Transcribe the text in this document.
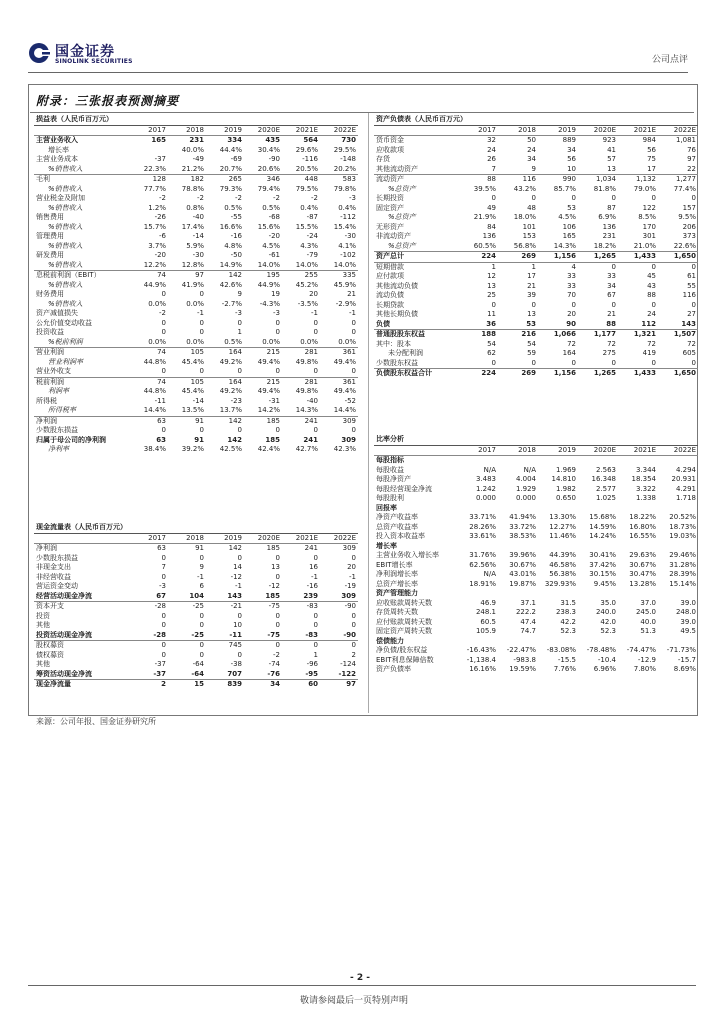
国金证券
SINOLINK SECURITIES	公司点评
附录：三张报表预测摘要
损益表（人民币百万元）						
	2017	2018	2019	2020E	2021E	2022E
主营业务收入	165	231	334	435	564	730
增长率		40.0%	44.4%	30.4%	29.6%	29.5%
主营业务成本	-37	-49	-69	-90	-116	-148
%销售收入	22.3%	21.2%	20.7%	20.6%	20.5%	20.2%
毛利	128	182	265	346	448	583
%销售收入	77.7%	78.8%	79.3%	79.4%	79.5%	79.8%
营业税金及附加	-2	-2	-2	-2	-2	-3
%销售收入	1.2%	0.8%	0.5%	0.5%	0.4%	0.4%
销售费用	-26	-40	-55	-68	-87	-112
%销售收入	15.7%	17.4%	16.6%	15.6%	15.5%	15.4%
管理费用	-6	-14	-16	-20	-24	-30
%销售收入	3.7%	5.9%	4.8%	4.5%	4.3%	4.1%
研发费用	-20	-30	-50	-61	-79	-102
%销售收入	12.2%	12.8%	14.9%	14.0%	14.0%	14.0%
息税前利润（EBIT）	74	97	142	195	255	335
%销售收入	44.9%	41.9%	42.6%	44.9%	45.2%	45.9%
财务费用	0	0	9	19	20	21
%销售收入	0.0%	0.0%	-2.7%	-4.3%	-3.5%	-2.9%
资产减值损失	-2	-1	-3	-3	-1	-1
公允价值变动收益	0	0	0	0	0	0
投资收益	0	0	1	0	0	0
%税前利润	0.0%	0.0%	0.5%	0.0%	0.0%	0.0%
营业利润	74	105	164	215	281	361
营业利润率	44.8%	45.4%	49.2%	49.4%	49.8%	49.4%
营业外收支	0	0	0	0	0	0
税前利润	74	105	164	215	281	361
利润率	44.8%	45.4%	49.2%	49.4%	49.8%	49.4%
所得税	-11	-14	-23	-31	-40	-52
所得税率	14.4%	13.5%	13.7%	14.2%	14.3%	14.4%
净利润	63	91	142	185	241	309
少数股东损益	0	0	0	0	0	0
归属于母公司的净利润	63	91	142	185	241	309
净利率	38.4%	39.2%	42.5%	42.4%	42.7%	42.3%
现金流量表（人民币百万元）						
	2017	2018	2019	2020E	2021E	2022E
净利润	63	91	142	185	241	309
少数股东损益	0	0	0	0	0	0
非现金支出	7	9	14	13	16	20
非经营收益	0	-1	-12	0	-1	-1
营运资金变动	-3	6	-1	-12	-16	-19
经营活动现金净流	67	104	143	185	239	309
资本开支	-28	-25	-21	-75	-83	-90
投资	0	0	0	0	0	0
其他	0	0	10	0	0	0
投资活动现金净流	-28	-25	-11	-75	-83	-90
股权募资	0	0	745	0	0	0
债权募资	0	0	0	-2	1	2
其他	-37	-64	-38	-74	-96	-124
筹资活动现金净流	-37	-64	707	-76	-95	-122
现金净流量	2	15	839	34	60	97
资产负债表（人民币百万元）						
	2017	2018	2019	2020E	2021E	2022E
货币资金	32	50	889	923	984	1,081
应收款项	24	24	34	41	56	76
存货	26	34	56	57	75	97
其他流动资产	7	9	10	13	17	22
流动资产	88	116	990	1,034	1,132	1,277
%总资产	39.5%	43.2%	85.7%	81.8%	79.0%	77.4%
长期投资	0	0	0	0	0	0
固定资产	49	48	53	87	122	157
%总资产	21.9%	18.0%	4.5%	6.9%	8.5%	9.5%
无形资产	84	101	106	136	170	206
非流动资产	136	153	165	231	301	373
%总资产	60.5%	56.8%	14.3%	18.2%	21.0%	22.6%
资产总计	224	269	1,156	1,265	1,433	1,650
短期借款	1	1	4	0	0	0
应付款项	12	17	33	33	45	61
其他流动负债	13	21	33	34	43	55
流动负债	25	39	70	67	88	116
长期贷款	0	0	0	0	0	0
其他长期负债	11	13	20	21	24	27
负债	36	53	90	88	112	143
普通股股东权益	188	216	1,066	1,177	1,321	1,507
其中：股本	54	54	72	72	72	72
未分配利润	62	59	164	275	419	605
少数股东权益	0	0	0	0	0	0
负债股东权益合计	224	269	1,156	1,265	1,433	1,650
比率分析						
	2017	2018	2019	2020E	2021E	2022E
每股指标						
每股收益	N/A	N/A	1.969	2.563	3.344	4.294
每股净资产	3.483	4.004	14.810	16.348	18.354	20.931
每股经营现金净流	1.242	1.929	1.982	2.577	3.322	4.291
每股股利	0.000	0.000	0.650	1.025	1.338	1.718
回报率						
净资产收益率	33.71%	41.94%	13.30%	15.68%	18.22%	20.52%
总资产收益率	28.26%	33.72%	12.27%	14.59%	16.80%	18.73%
投入资本收益率	33.61%	38.53%	11.46%	14.24%	16.55%	19.03%
增长率						
主营业务收入增长率	31.76%	39.96%	44.39%	30.41%	29.63%	29.46%
EBIT增长率	62.56%	30.67%	46.58%	37.42%	30.67%	31.28%
净利润增长率	N/A	43.01%	56.38%	30.15%	30.47%	28.39%
总资产增长率	18.91%	19.87%	329.93%	9.45%	13.28%	15.14%
资产管理能力						
应收账款周转天数	46.9	37.1	31.5	35.0	37.0	39.0
存货周转天数	248.1	222.2	238.3	240.0	245.0	248.0
应付账款周转天数	60.5	47.4	42.2	42.0	40.0	39.0
固定资产周转天数	105.9	74.7	52.3	52.3	51.3	49.5
偿债能力						
净负债/股东权益	-16.43%	-22.47%	-83.08%	-78.48%	-74.47%	-71.73%
EBIT利息保障倍数	-1,138.4	-983.8	-15.5	-10.4	-12.9	-15.7
资产负债率	16.16%	19.59%	7.76%	6.96%	7.80%	8.69%
来源：公司年报、国金证券研究所
- 2 -
敬请参阅最后一页特别声明
